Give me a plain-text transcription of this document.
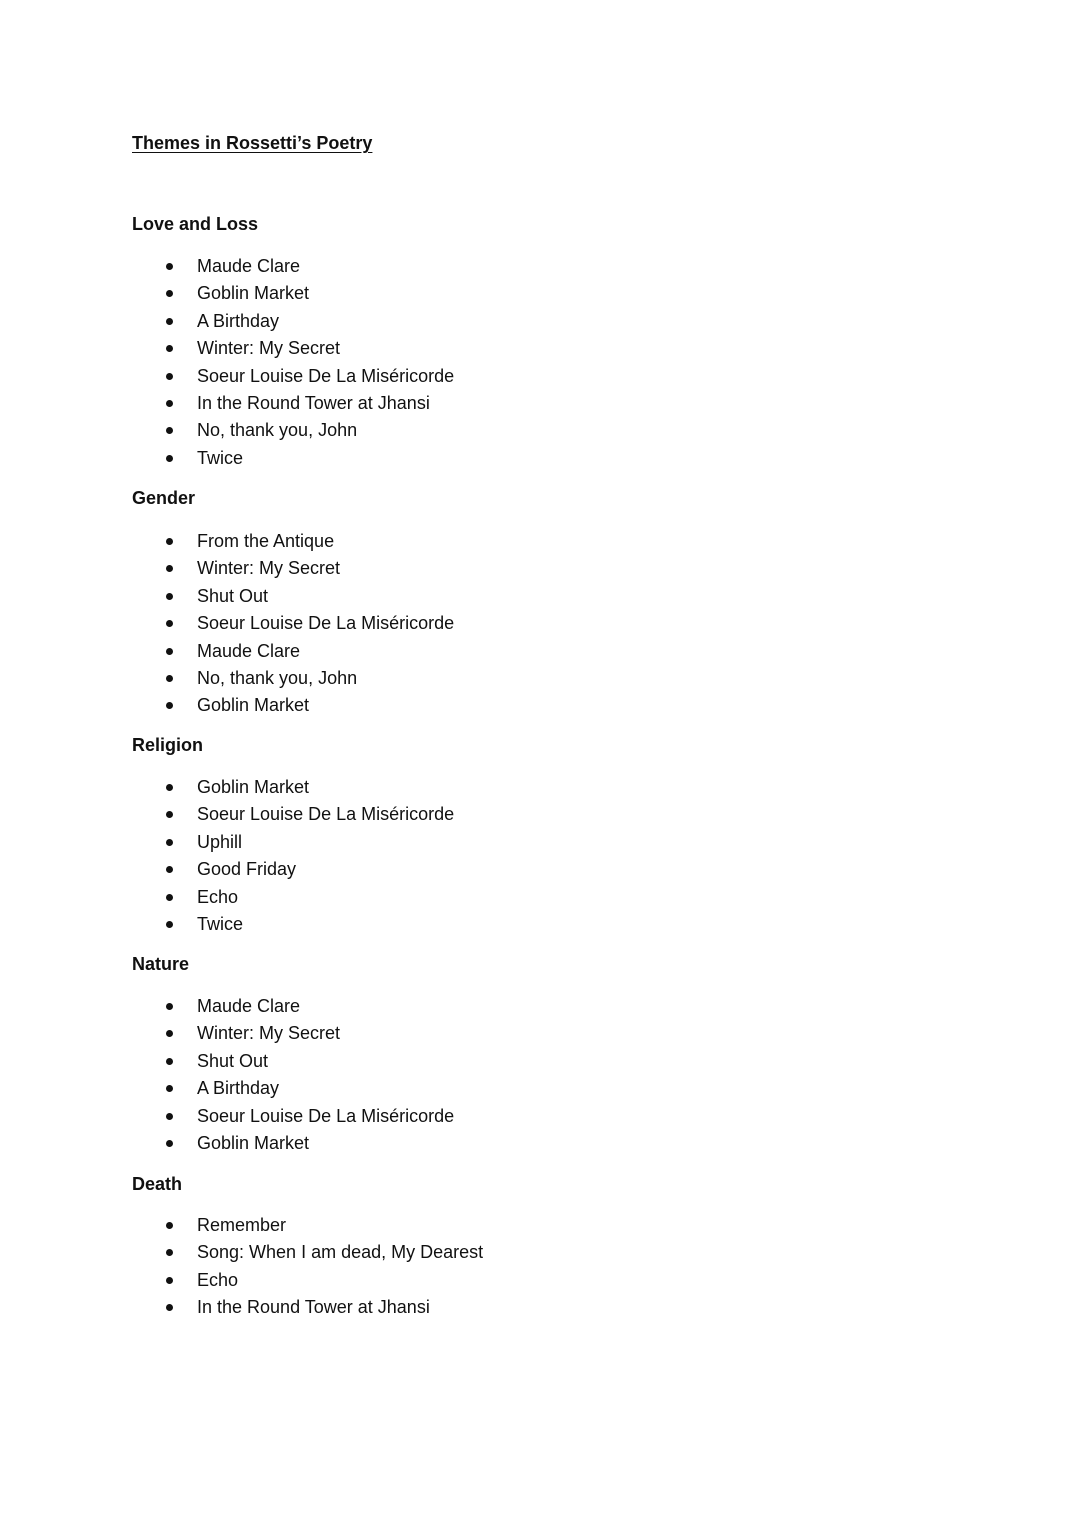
Themes in Rossetti’s Poetry
Love and Loss
Maude Clare
Goblin Market
A Birthday
Winter: My Secret
Soeur Louise De La Miséricorde
In the Round Tower at Jhansi
No, thank you, John
Twice
Gender
From the Antique
Winter: My Secret
Shut Out
Soeur Louise De La Miséricorde
Maude Clare
No, thank you, John
Goblin Market
Religion
Goblin Market
Soeur Louise De La Miséricorde
Uphill
Good Friday
Echo
Twice
Nature
Maude Clare
Winter: My Secret
Shut Out
A Birthday
Soeur Louise De La Miséricorde
Goblin Market
Death
Remember
Song: When I am dead, My Dearest
Echo
In the Round Tower at Jhansi
